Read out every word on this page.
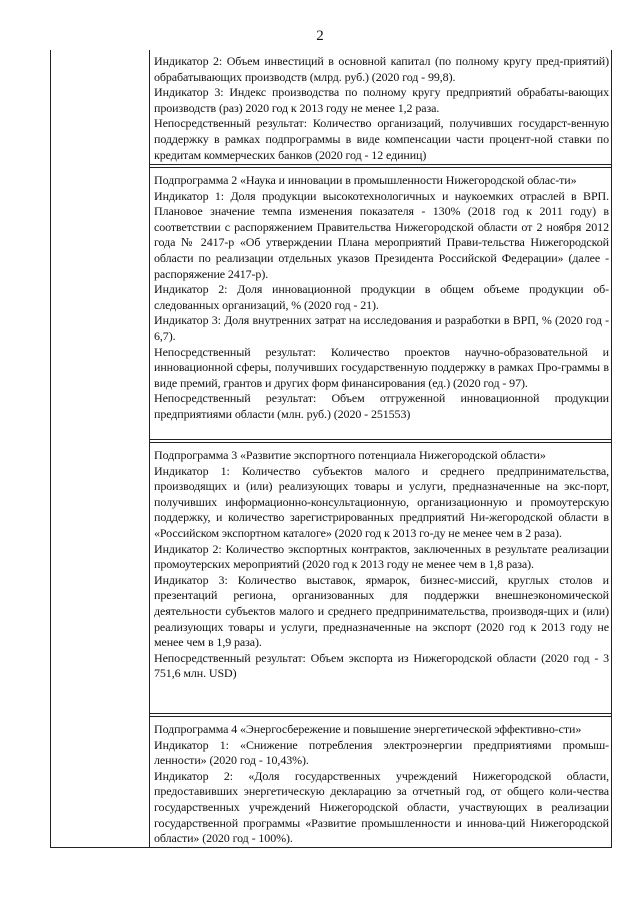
2

Индикатор 2: Объем инвестиций в основной капитал (по полному кругу пред-приятий) обрабатывающих производств (млрд. руб.) (2020 год - 99,8).

Индикатор 3: Индекс производства по полному кругу предприятий обрабаты-вающих производств (раз) 2020 год к 2013 году не менее 1,2 раза.

Непосредственный результат: Количество организаций, получивших государст-венную поддержку в рамках подпрограммы в виде компенсации части процент-ной ставки по кредитам коммерческих банков (2020 год - 12 единиц)

Подпрограмма 2 «Наука и инновации в промышленности Нижегородской облас-ти»

Индикатор 1: Доля продукции высокотехнологичных и наукоемких отраслей в ВРП. Плановое значение темпа изменения показателя - 130% (2018 год к 2011 году) в соответствии с распоряжением Правительства Нижегородской области от 2 ноября 2012 года № 2417-р «Об утверждении Плана мероприятий Прави-тельства Нижегородской области по реализации отдельных указов Президента Российской Федерации» (далее - распоряжение 2417-р).

Индикатор 2: Доля инновационной продукции в общем объеме продукции об-следованных организаций, % (2020 год - 21).

Индикатор 3: Доля внутренних затрат на исследования и разработки в ВРП, % (2020 год - 6,7).

Непосредственный результат: Количество проектов научно-образовательной и инновационной сферы, получивших государственную поддержку в рамках Про-граммы в виде премий, грантов и других форм финансирования (ед.) (2020 год - 97).

Непосредственный результат: Объем отгруженной инновационной продукции предприятиями области (млн. руб.) (2020 - 251553)

Подпрограмма 3 «Развитие экспортного потенциала Нижегородской области»

Индикатор 1: Количество субъектов малого и среднего предпринимательства, производящих и (или) реализующих товары и услуги, предназначенные на экс-порт, получивших информационно-консультационную, организационную и промоутерскую поддержку, и количество зарегистрированных предприятий Ни-жегородской области в «Российском экспортном каталоге» (2020 год к 2013 го-ду не менее чем в 2 раза).

Индикатор 2: Количество экспортных контрактов, заключенных в результате реализации промоутерских мероприятий (2020 год к 2013 году не менее чем в 1,8 раза).

Индикатор 3: Количество выставок, ярмарок, бизнес-миссий, круглых столов и презентаций региона, организованных для поддержки внешнеэкономической деятельности субъектов малого и среднего предпринимательства, производя-щих и (или) реализующих товары и услуги, предназначенные на экспорт (2020 год к 2013 году не менее чем в 1,9 раза).

Непосредственный результат: Объем экспорта из Нижегородской области (2020 год - 3 751,6 млн. USD)

Подпрограмма 4 «Энергосбережение и повышение энергетической эффективно-сти»

Индикатор 1: «Снижение потребления электроэнергии предприятиями промыш-ленности» (2020 год - 10,43%).

Индикатор 2: «Доля государственных учреждений Нижегородской области, предоставивших энергетическую декларацию за отчетный год, от общего коли-чества государственных учреждений Нижегородской области, участвующих в реализации государственной программы «Развитие промышленности и иннова-ций Нижегородской области» (2020 год - 100%).
